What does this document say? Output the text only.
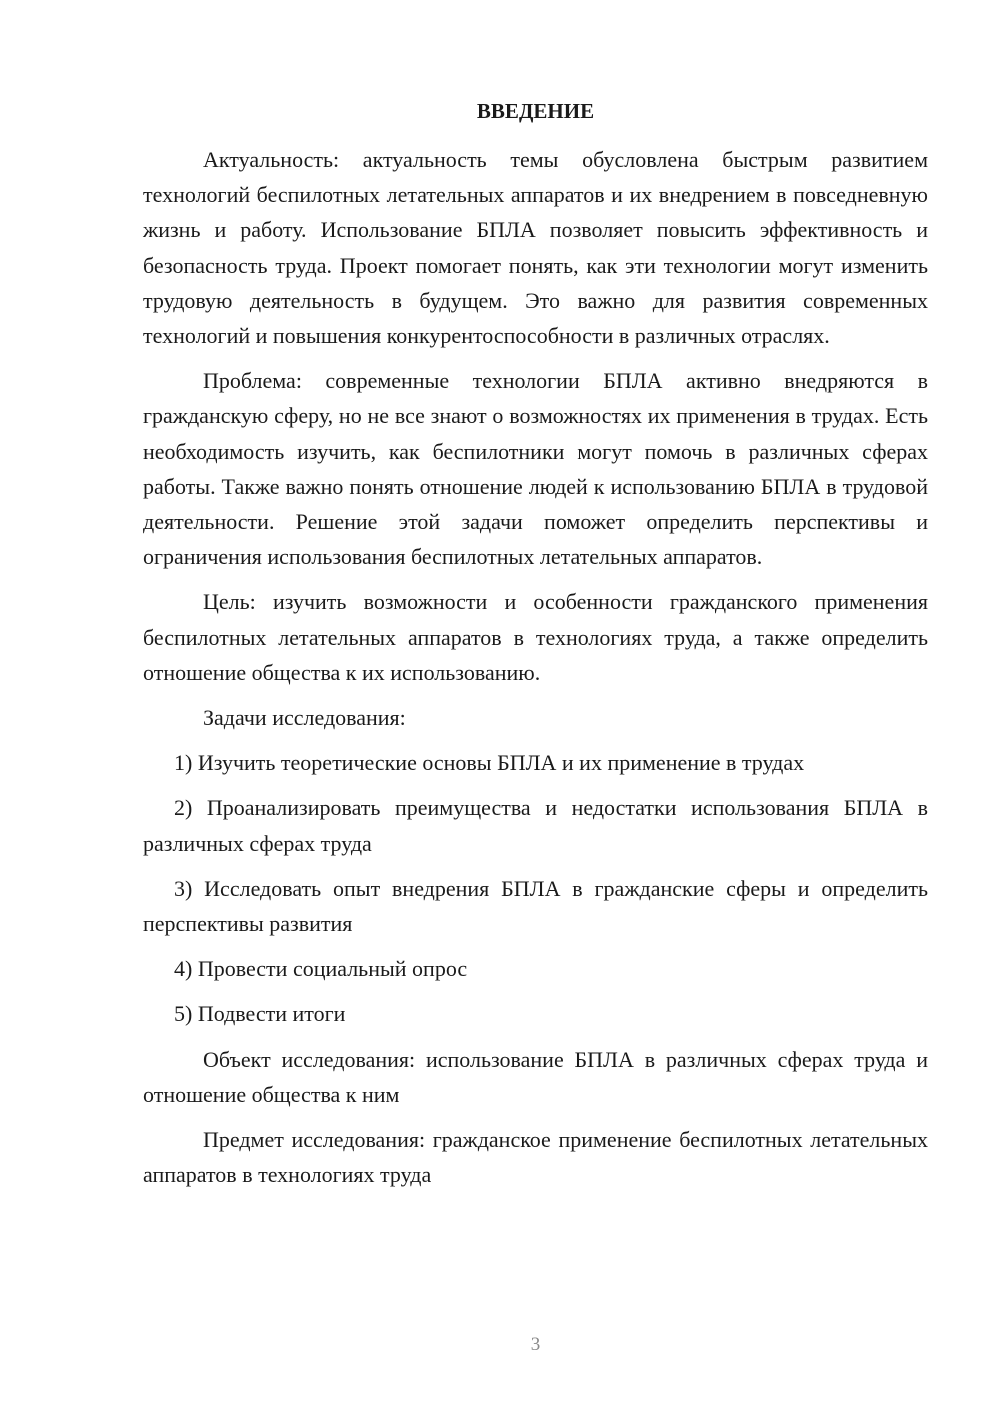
ВВЕДЕНИЕ

Актуальность: актуальность темы обусловлена быстрым развитием технологий беспилотных летательных аппаратов и их внедрением в повседневную жизнь и работу. Использование БПЛА позволяет повысить эффективность и безопасность труда. Проект помогает понять, как эти технологии могут изменить трудовую деятельность в будущем. Это важно для развития современных технологий и повышения конкурентоспособности в различных отраслях.

Проблема: современные технологии БПЛА активно внедряются в гражданскую сферу, но не все знают о возможностях их применения в трудах. Есть необходимость изучить, как беспилотники могут помочь в различных сферах работы. Также важно понять отношение людей к использованию БПЛА в трудовой деятельности. Решение этой задачи поможет определить перспективы и ограничения использования беспилотных летательных аппаратов.

Цель: изучить возможности и особенности гражданского применения беспилотных летательных аппаратов в технологиях труда, а также определить отношение общества к их использованию.

Задачи исследования:

1) Изучить теоретические основы БПЛА и их применение в трудах

2) Проанализировать преимущества и недостатки использования БПЛА в различных сферах труда

3) Исследовать опыт внедрения БПЛА в гражданские сферы и определить перспективы развития

4) Провести социальный опрос

5) Подвести итоги

Объект исследования: использование БПЛА в различных сферах труда и отношение общества к ним

Предмет исследования: гражданское применение беспилотных летательных аппаратов в технологиях труда

3
